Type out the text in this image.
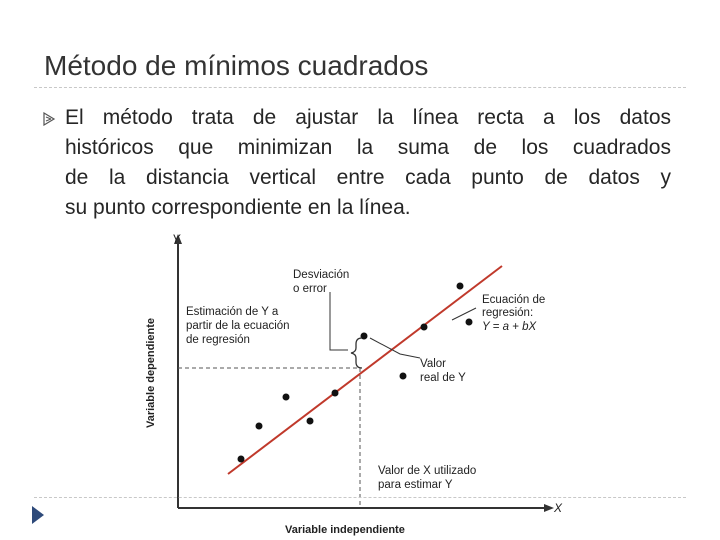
Método de mínimos cuadrados
El método trata de ajustar la línea recta a los datos
históricos que minimizan la suma de los cuadrados
de la distancia vertical entre cada punto de datos y
su punto correspondiente en la línea.
Y
X
Variable dependiente
Variable independiente
Desviación o error
Estimación de Y a partir de la ecuación de regresión
Ecuación de regresión: Y = a + bX
Valor real de Y
Valor de X utilizado para estimar Y
